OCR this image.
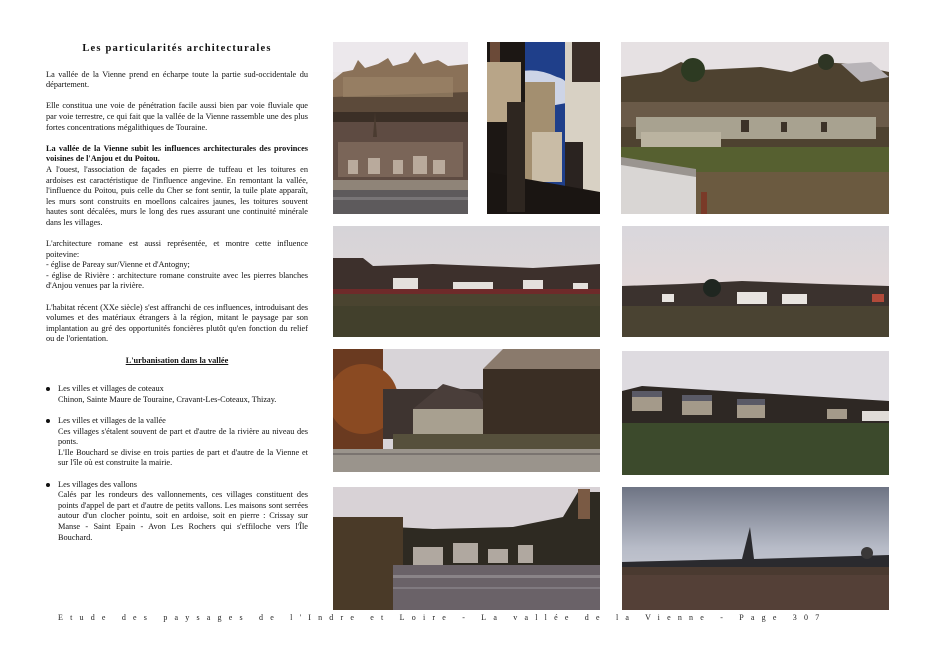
Les particularités architecturales

La vallée de la Vienne prend en écharpe toute la partie sud-occidentale du département.

Elle constitua une voie de pénétration facile aussi bien par voie fluviale que par voie terrestre, ce qui fait que la vallée de la Vienne rassemble une des plus fortes concentrations mégalithiques de Touraine.

La vallée de la Vienne subit les influences architecturales des provinces voisines de l'Anjou et du Poitou.

A l'ouest, l'association de façades en pierre de tuffeau et les toitures en ardoises est caractéristique de l'influence angevine. En remontant la vallée, l'influence du Poitou, puis celle du Cher se font sentir, la tuile plate apparaît, les murs sont construits en moellons calcaires jaunes, les toitures souvent hautes sont décalées, murs le long des rues assurant une continuité minérale dans les villages.

L'architecture romane est aussi représentée, et montre cette influence poitevine:

- église de Pareay sur/Vienne et d'Antogny;

- église de Rivière : architecture romane construite avec les pierres blanches d'Anjou venues par la rivière.

L'habitat récent (XXe siècle) s'est affranchi de ces influences, introduisant des volumes et des matériaux étrangers à la région, mitant le paysage par son implantation au gré des opportunités foncières plutôt qu'en fonction du relief ou de l'orientation.

L'urbanisation dans la vallée
Les villes et villages de coteaux
Chinon, Sainte Maure de Touraine, Cravant-Les-Coteaux, Thizay.
Les villes et villages de la vallée
Ces villages s'étalent souvent de part et d'autre de la rivière au niveau des ponts.
L'Ile Bouchard se divise en trois parties de part et d'autre de la Vienne et sur l'île où est construite la mairie.
Les villages des vallons
Calés par les rondeurs des vallonnements, ces villages constituent des points d'appel de part et d'autre de petits vallons. Les maisons sont serrées autour d'un clocher pointu, soit en ardoise, soit en pierre : Crissay sur Manse - Saint Epain - Avon Les Rochers qui s'effiloche vers l'Île Bouchard.
Etude des paysages de l'Indre et Loire - La vallée de la Vienne - Page 307
